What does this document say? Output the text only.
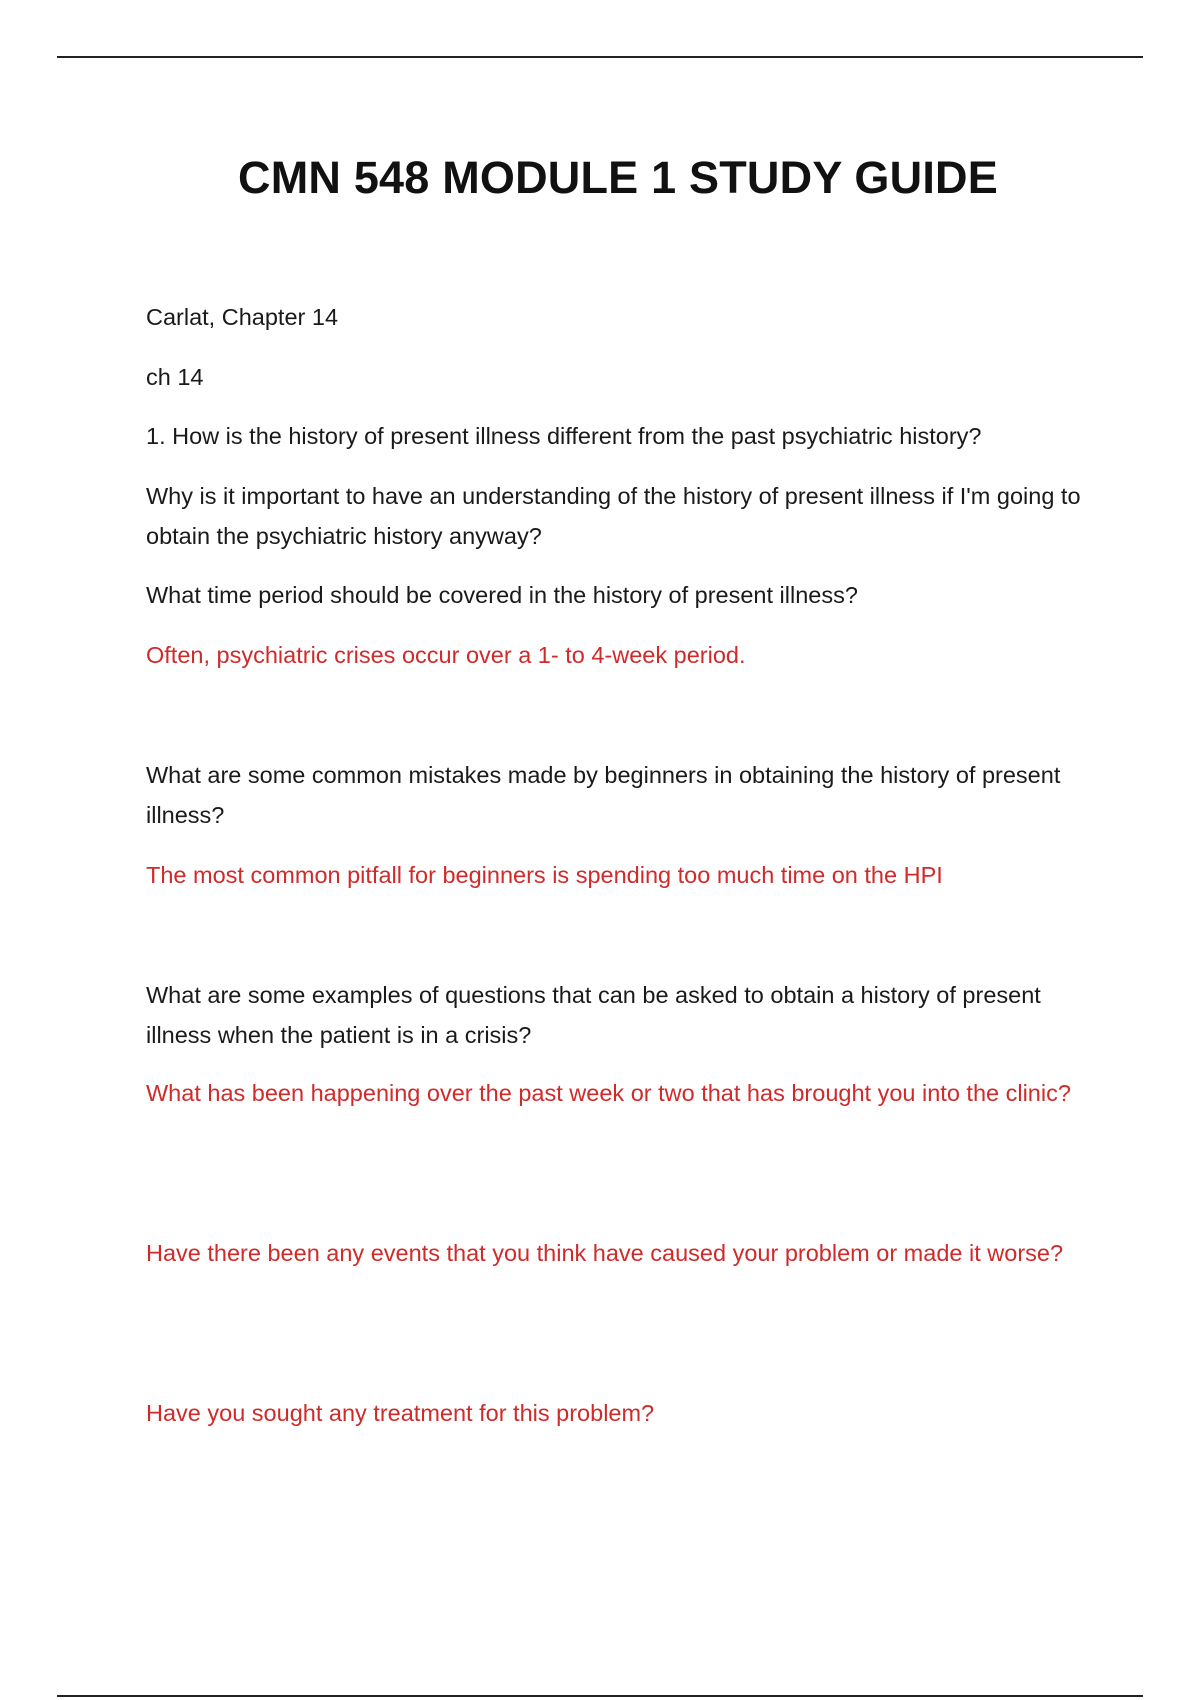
CMN 548 MODULE 1 STUDY GUIDE

Carlat, Chapter 14

ch 14

1. How is the history of present illness different from the past psychiatric history?

Why is it important to have an understanding of the history of present illness if I'm going to obtain the psychiatric history anyway?

What time period should be covered in the history of present illness?

Often, psychiatric crises occur over a 1- to 4-week period.

What are some common mistakes made by beginners in obtaining the history of present illness?

The most common pitfall for beginners is spending too much time on the HPI

What are some examples of questions that can be asked to obtain a history of present illness when the patient is in a crisis?

What has been happening over the past week or two that has brought you into the clinic?

Have there been any events that you think have caused your problem or made it worse?

Have you sought any treatment for this problem?
